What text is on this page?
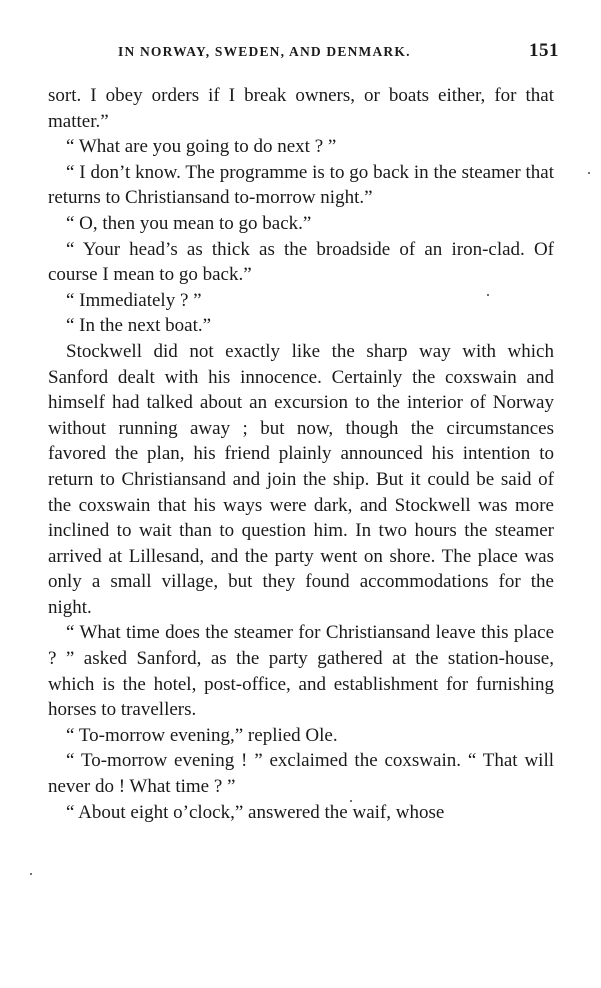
IN NORWAY, SWEDEN, AND DENMARK.	151

sort. I obey orders if I break owners, or boats either, for that matter.”

“ What are you going to do next ? ”

“ I don’t know. The programme is to go back in the steamer that returns to Christiansand to-morrow night.”

“ O, then you mean to go back.”

“ Your head’s as thick as the broadside of an iron-clad. Of course I mean to go back.”

“ Immediately ? ”

“ In the next boat.”

Stockwell did not exactly like the sharp way with which Sanford dealt with his innocence. Certainly the coxswain and himself had talked about an excursion to the interior of Norway without running away ; but now, though the circumstances favored the plan, his friend plainly announced his intention to return to Christiansand and join the ship. But it could be said of the coxswain that his ways were dark, and Stockwell was more inclined to wait than to question him. In two hours the steamer arrived at Lillesand, and the party went on shore. The place was only a small village, but they found accommodations for the night.

“ What time does the steamer for Christiansand leave this place ? ” asked Sanford, as the party gathered at the station-house, which is the hotel, post-office, and establishment for furnishing horses to travellers.

“ To-morrow evening,” replied Ole.

“ To-morrow evening ! ” exclaimed the coxswain. “ That will never do ! What time ? ”

“ About eight o’clock,” answered the waif, whose
